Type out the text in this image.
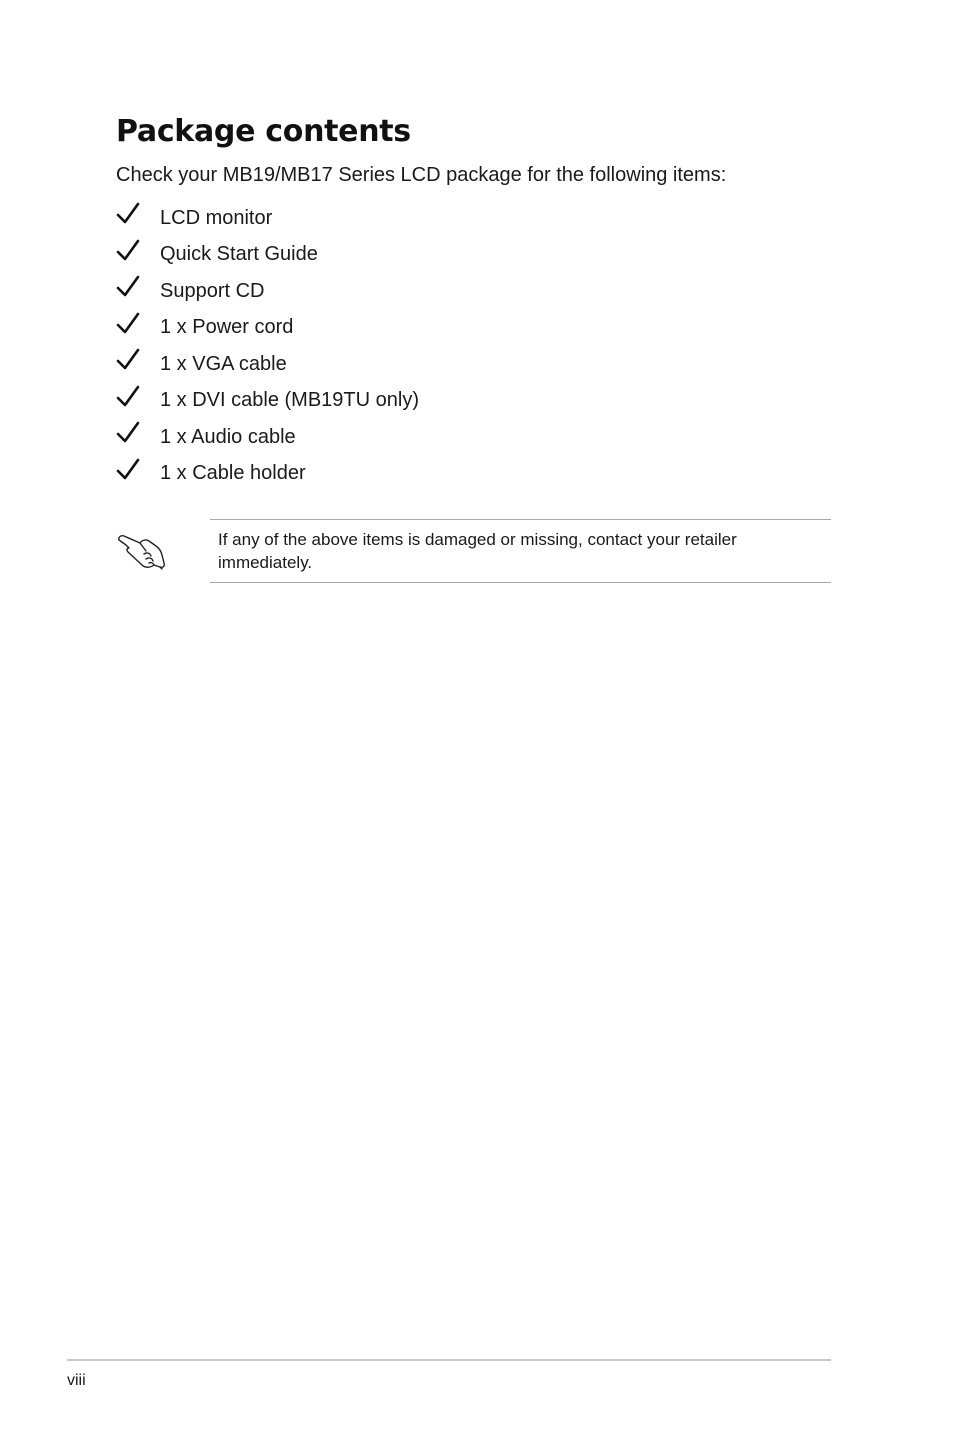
Package contents
Check your MB19/MB17 Series LCD package for the following items:
LCD monitor
Quick Start Guide
Support CD
1 x Power cord
1 x VGA cable
1 x DVI cable (MB19TU only)
1 x Audio cable
1 x Cable holder
If any of the above items is damaged or missing, contact your retailer immediately.
viii
